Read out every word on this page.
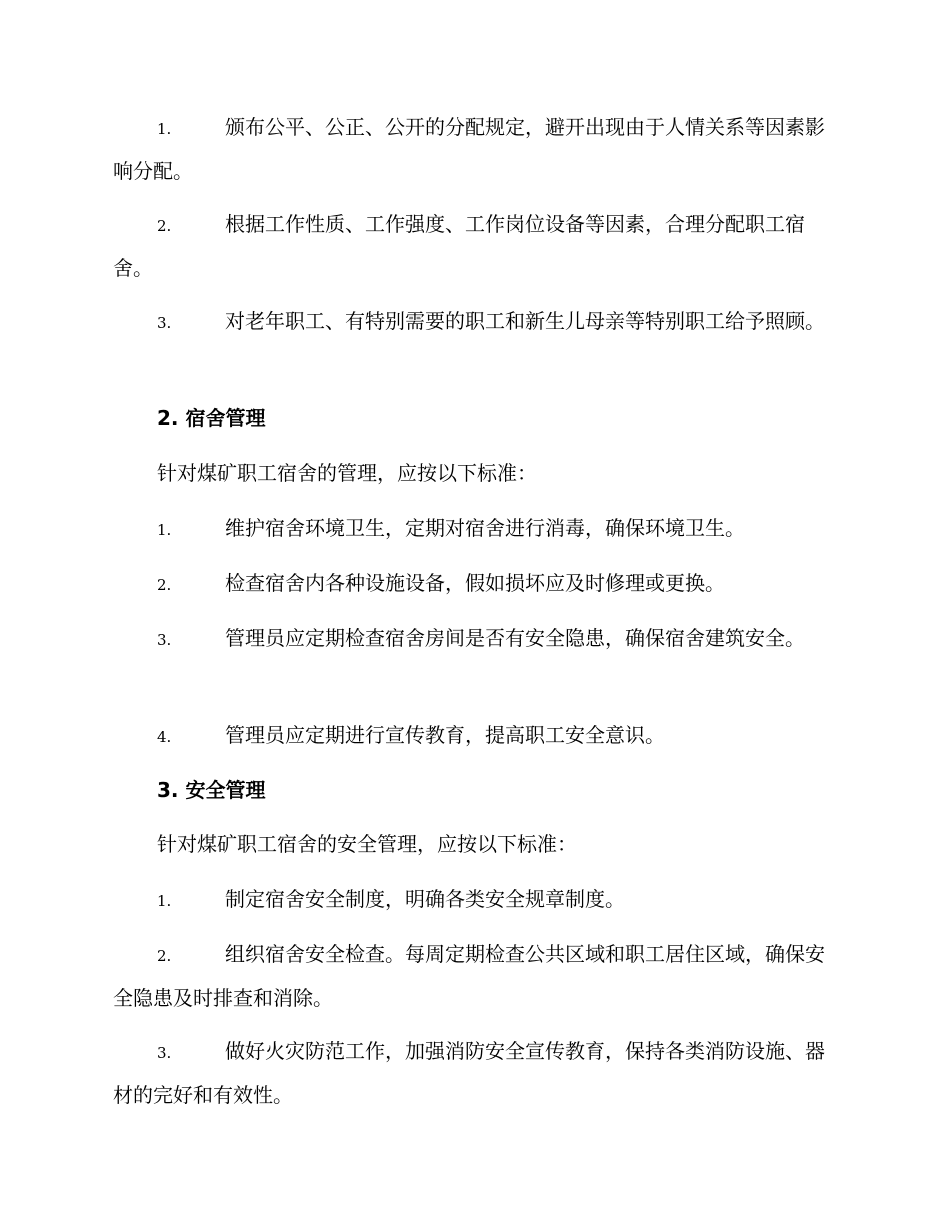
1.	颁布公平、公正、公开的分配规定，避开出现由于人情关系等因素影响分配。

2.	根据工作性质、工作强度、工作岗位设备等因素，合理分配职工宿舍。

3.	对老年职工、有特别需要的职工和新生儿母亲等特别职工给予照顾。

2. 宿舍管理

针对煤矿职工宿舍的管理，应按以下标准：

1.	维护宿舍环境卫生，定期对宿舍进行消毒，确保环境卫生。

2.	检查宿舍内各种设施设备，假如损坏应及时修理或更换。

3.	管理员应定期检查宿舍房间是否有安全隐患，确保宿舍建筑安全。

4.	管理员应定期进行宣传教育，提高职工安全意识。

3. 安全管理

针对煤矿职工宿舍的安全管理，应按以下标准：

1.	制定宿舍安全制度，明确各类安全规章制度。

2.	组织宿舍安全检查。每周定期检查公共区域和职工居住区域，确保安全隐患及时排查和消除。

3.	做好火灾防范工作，加强消防安全宣传教育，保持各类消防设施、器材的完好和有效性。
